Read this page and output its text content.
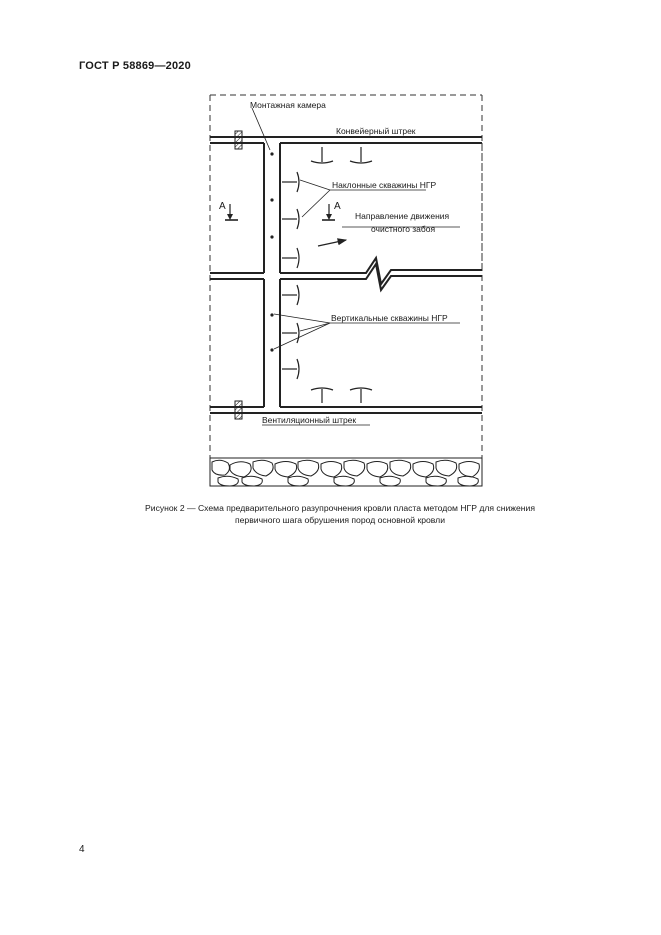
ГОСТ Р 58869—2020
Монтажная камера
Конвейерный штрек
Наклонные скважины НГР
А	А
Направление движения
очистного забоя
Вертикальные скважины НГР
Вентиляционный штрек
Рисунок 2 — Схема предварительного разупрочнения кровли пласта методом НГР для снижения
первичного шага обрушения пород основной кровли
4
